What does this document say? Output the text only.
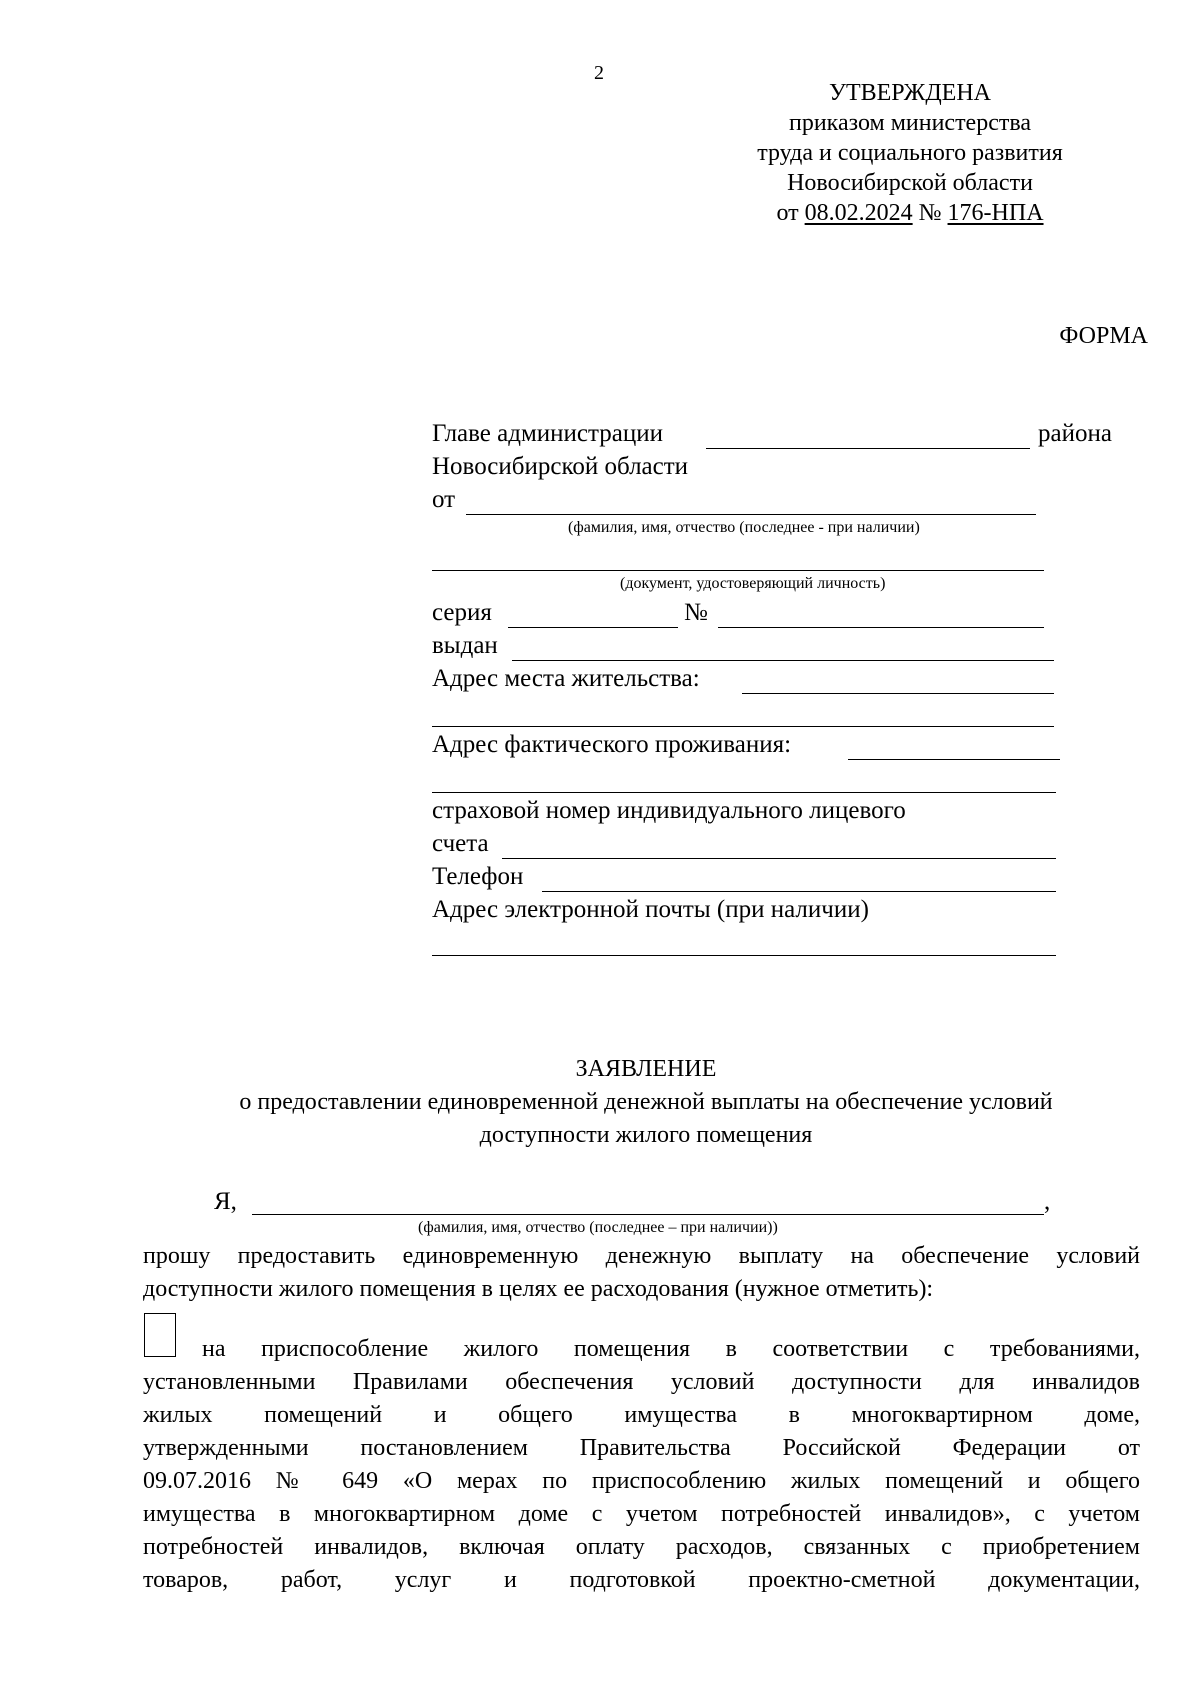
2
УТВЕРЖДЕНА
приказом министерства
труда и социального развития
Новосибирской области
от 08.02.2024 № 176-НПА
ФОРМА
Главе администрации	района
Новосибирской области
от
(фамилия, имя, отчество (последнее - при наличии)
(документ, удостоверяющий личность)
серия	№
выдан
Адрес места жительства:
Адрес фактического проживания:
страховой номер индивидуального лицевого
счета
Телефон
Адрес электронной почты (при наличии)
ЗАЯВЛЕНИЕ
о предоставлении единовременной денежной выплаты на обеспечение условий
доступности жилого помещения
Я,	,
(фамилия, имя, отчество (последнее – при наличии))
прошу предоставить единовременную денежную выплату на обеспечение условий
доступности жилого помещения в целях ее расходования (нужное отметить):
на приспособление жилого помещения в соответствии с требованиями,
установленными Правилами обеспечения условий доступности для инвалидов
жилых помещений и общего имущества в многоквартирном доме,
утвержденными постановлением Правительства Российской Федерации от
09.07.2016 № 649 «О мерах по приспособлению жилых помещений и общего
имущества в многоквартирном доме с учетом потребностей инвалидов», с учетом
потребностей инвалидов, включая оплату расходов, связанных с приобретением
товаров, работ, услуг и подготовкой проектно-сметной документации,
